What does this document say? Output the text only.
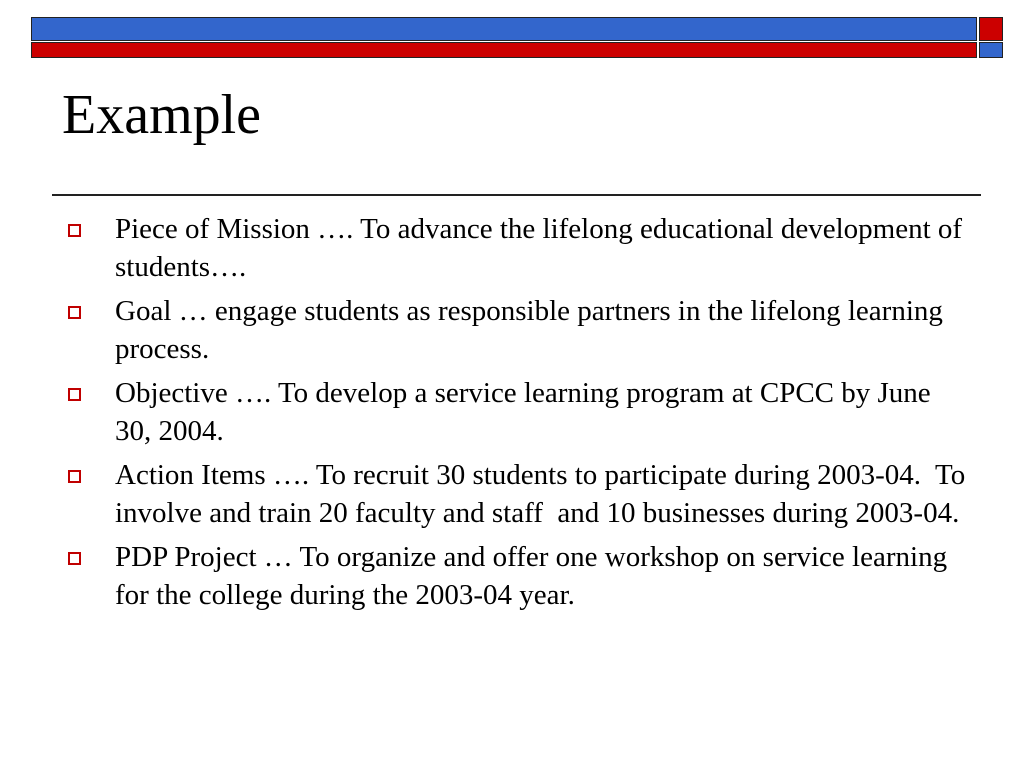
Example
Piece of Mission …. To advance the lifelong educational development of students….
Goal … engage students as responsible partners in the lifelong learning process.
Objective …. To develop a service learning program at CPCC by June 30, 2004.
Action Items …. To recruit 30 students to participate during 2003-04.  To involve and train 20 faculty and staff  and 10 businesses during 2003-04.
PDP Project … To organize and offer one workshop on service learning for the college during the 2003-04 year.
